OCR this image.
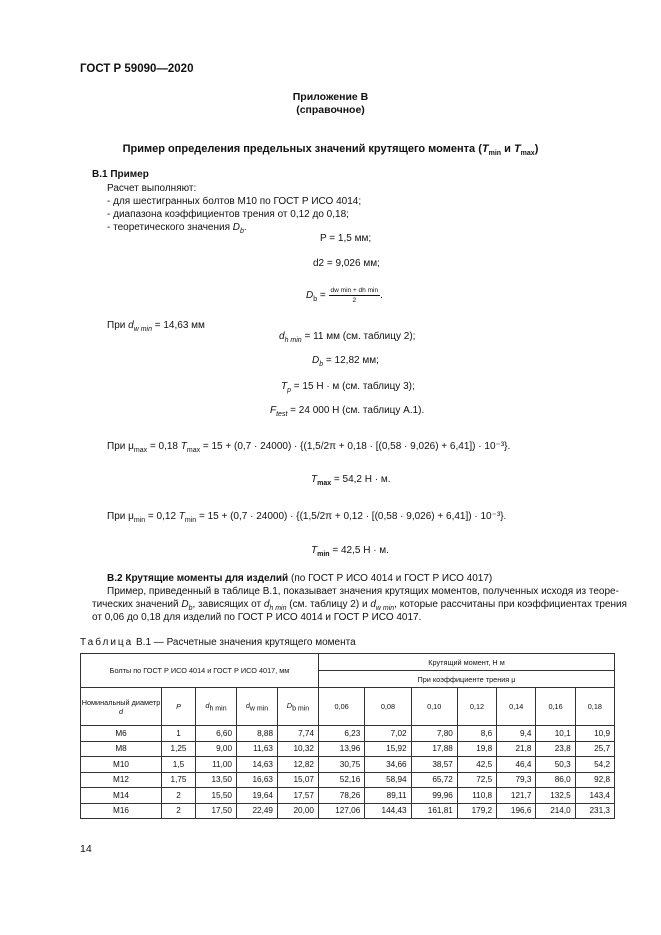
ГОСТ Р 59090—2020
Приложение В
(справочное)
Пример определения предельных значений крутящего момента ($T_{min}$ и $T_{max}$)
В.1 Пример
Расчет выполняют:
- для шестигранных болтов М10 по ГОСТ Р ИСО 4014;
- диапазона коэффициентов трения от 0,12 до 0,18;
- теоретического значения $D_b$.
P = 1,5 мм;
d2 = 9,026 мм;
$D_b = \frac{\text{dw min + dh min}}{2}$ .
При $d_{w min} = 14,63$ мм
$d_{h min} = 11$ мм (см. таблицу 2);
$D_b = 12,82$ мм;
$T_p = 15$ Н · м (см. таблицу 3);
$F_{test} = 24$ 000 Н (см. таблицу А.1).
При $\mu_{max} = 0,18$ $T_{max} = 15 + (0,7 \cdot 24000) \cdot \{(1,5/2\pi + 0,18 \cdot [(0,58 \cdot 9,026) + 6,41]) \cdot 10^{-3}\}$.
$T_{max} = 54,2$ Н · м.
При $\mu_{min} = 0,12$ $T_{min} = 15 + (0,7 \cdot 24000) \cdot \{(1,5/2\pi + 0,12 \cdot [(0,58 \cdot 9,026) + 6,41]) \cdot 10^{-3}\}$.
$T_{min} = 42,5$ Н · м.
В.2 Крутящие моменты для изделий (по ГОСТ Р ИСО 4014 и ГОСТ Р ИСО 4017)
Пример, приведенный в таблице В.1, показывает значения крутящих моментов, полученных исходя из теоре-
тических значений $D_b$, зависящих от $d_{h min}$ (см. таблицу 2) и $d_{w min}$, которые рассчитаны при коэффициентах трения
от 0,06 до 0,18 для изделий по ГОСТ Р ИСО 4014 и ГОСТ Р ИСО 4017.
Таблица В.1 — Расчетные значения крутящего момента
Болты по ГОСТ Р ИСО 4014 и ГОСТ Р ИСО 4017, мм					Крутящий момент, Н м						
					При коэффициенте трения μ						
Номинальный диаметр
d	P	$d_{h min}$	$d_{w min}$	$D_{b min}$	0,06	0,08	0,10	0,12	0,14	0,16	0,18
М6	1	6,60	8,88	7,74	6,23	7,02	7,80	8,6	9,4	10,1	10,9
М8	1,25	9,00	11,63	10,32	13,96	15,92	17,88	19,8	21,8	23,8	25,7
М10	1,5	11,00	14,63	12,82	30,75	34,66	38,57	42,5	46,4	50,3	54,2
М12	1,75	13,50	16,63	15,07	52,16	58,94	65,72	72,5	79,3	86,0	92,8
М14	2	15,50	19,64	17,57	78,26	89,11	99,96	110,8	121,7	132,5	143,4
М16	2	17,50	22,49	20,00	127,06	144,43	161,81	179,2	196,6	214,0	231,3
14
